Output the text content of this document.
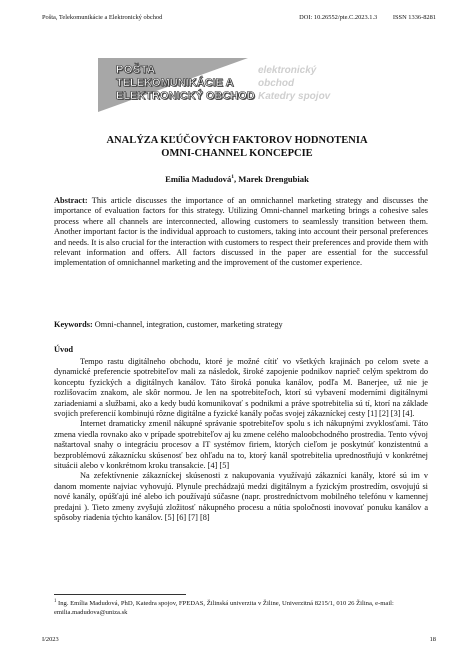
Pošta, Telekomunikácie a Elektronický obchod	DOI: 10.26552/pte.C.2023.1.3 ISSN 1336-8281
POŠTA
TELEKOMUNIKÁCIE A
ELEKTRONICKÝ OBCHOD
elektronický
obchod
Katedry spojov
ANALÝZA KĽÚČOVÝCH FAKTOROV HODNOTENIA
OMNI-CHANNEL KONCEPCIE
Emília Madudová$^1$, Marek Drengubiak
Abstract: This article discusses the importance of an omnichannel marketing strategy and discusses the importance of evaluation factors for this strategy. Utilizing Omni-channel marketing brings a cohesive sales process where all channels are interconnected, allowing customers to seamlessly transition between them. Another important factor is the individual approach to customers, taking into account their personal preferences and needs. It is also crucial for the interaction with customers to respect their preferences and provide them with relevant information and offers. All factors discussed in the paper are essential for the successful implementation of omnichannel marketing and the improvement of the customer experience.
Keywords: Omni-channel, integration, customer, marketing strategy
Úvod

Tempo rastu digitálneho obchodu, ktoré je možné cítiť vo všetkých krajinách po celom svete a dynamické preferencie spotrebiteľov mali za následok, široké zapojenie podnikov naprieč celým spektrom do konceptu fyzických a digitálnych kanálov. Táto široká ponuka kanálov, podľa M. Banerjee, už nie je rozlišovacím znakom, ale skôr normou. Je len na spotrebiteľoch, ktorí sú vybavení moderními digitálnymi zariadeniami a službami, ako a kedy budú komunikovať s podnikmi a práve spotrebitelia sú tí, ktorí na základe svojich preferencií kombinujú rôzne digitálne a fyzické kanály počas svojej zákazníckej cesty [1] [2] [3] [4].

Internet dramaticky zmenil nákupné správanie spotrebiteľov spolu s ich nákupnými zvyklosťami. Táto zmena viedla rovnako ako v prípade spotrebiteľov aj ku zmene celého maloobchodného prostredia. Tento vývoj naštartoval snahy o integráciu procesov a IT systémov firiem, ktorých cieľom je poskytnúť konzistentnú a bezproblémovú zákaznícku skúsenosť bez ohľadu na to, ktorý kanál spotrebitelia uprednostňujú v konkrétnej situácii alebo v konkrétnom kroku transakcie. [4] [5]

Na zefektívnenie zákazníckej skúsenosti z nakupovania využívajú zákazníci kanály, ktoré sú im v danom momente najviac vyhovujú. Plynule prechádzajú medzi digitálnym a fyzickým prostredím, osvojujú si nové kanály, opúšťajú iné alebo ich používajú súčasne (napr. prostredníctvom mobilného telefónu v kamennej predajni ). Tieto zmeny zvyšujú zložitosť nákupného procesu a nútia spoločnosti inovovať ponuku kanálov a spôsoby riadenia týchto kanálov. [5] [6] [7] [8]

$^1$ Ing. Emília Madudová, PhD, Katedra spojov, FPEDAS, Žilinská univerzita v Žiline, Univerzitná 8215/1, 010 26 Žilina, e-mail: emilia.madudova@uniza.sk
I/2023	18
